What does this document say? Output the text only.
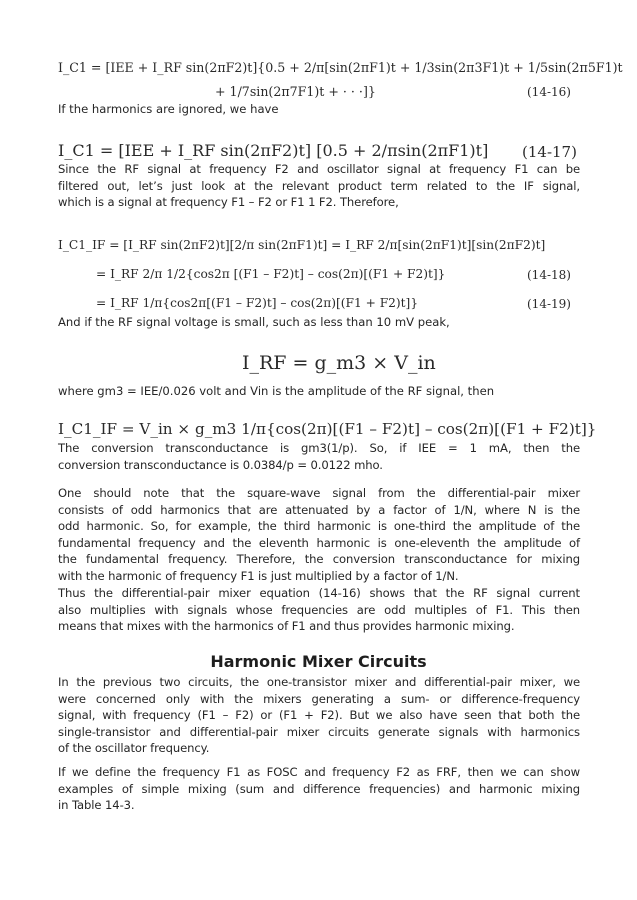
I_C1 = [IEE + I_RF sin(2πF2)t]{0.5 + 2/π[sin(2πF1)t + 1/3sin(2π3F1)t + 1/5sin(2π5F1)t
+ 1/7sin(2π7F1)t + · · ·]}	(14-16)
If the harmonics are ignored, we have
I_C1 = [IEE + I_RF sin(2πF2)t] [0.5 + 2/πsin(2πF1)t] (14-17)
Since the RF signal at frequency F2 and oscillator signal at frequency F1 can be
filtered out, let’s just look at the relevant product term related to the IF signal,
which is a signal at frequency F1 – F2 or F1 1 F2. Therefore,
I_C1_IF = [I_RF sin(2πF2)t][2/π sin(2πF1)t] = I_RF 2/π[sin(2πF1)t][sin(2πF2)t]
= I_RF 2/π 1/2{cos2π [(F1 – F2)t] – cos(2π)[(F1 + F2)t]}	(14-18)
= I_RF 1/π{cos2π[(F1 – F2)t] – cos(2π)[(F1 + F2)t]}	(14-19)
And if the RF signal voltage is small, such as less than 10 mV peak,
I_RF = g_m3 × V_in
where gm3 = IEE/0.026 volt and Vin is the amplitude of the RF signal, then
I_C1_IF = V_in × g_m3 1/π{cos(2π)[(F1 – F2)t] – cos(2π)[(F1 + F2)t]}
The conversion transconductance is gm3(1/p). So, if IEE = 1 mA, then the
conversion transconductance is 0.0384/p = 0.0122 mho.
One should note that the square-wave signal from the differential-pair mixer
consists of odd harmonics that are attenuated by a factor of 1/N, where N is the
odd harmonic. So, for example, the third harmonic is one-third the amplitude of the
fundamental frequency and the eleventh harmonic is one-eleventh the amplitude of
the fundamental frequency. Therefore, the conversion transconductance for mixing
with the harmonic of frequency F1 is just multiplied by a factor of 1/N.
Thus the differential-pair mixer equation (14-16) shows that the RF signal current
also multiplies with signals whose frequencies are odd multiples of F1. This then
means that mixes with the harmonics of F1 and thus provides harmonic mixing.
Harmonic Mixer Circuits
In the previous two circuits, the one-transistor mixer and differential-pair mixer, we
were concerned only with the mixers generating a sum- or difference-frequency
signal, with frequency (F1 – F2) or (F1 + F2). But we also have seen that both the
single-transistor and differential-pair mixer circuits generate signals with harmonics
of the oscillator frequency.
If we define the frequency F1 as FOSC and frequency F2 as FRF, then we can show
examples of simple mixing (sum and difference frequencies) and harmonic mixing
in Table 14-3.
